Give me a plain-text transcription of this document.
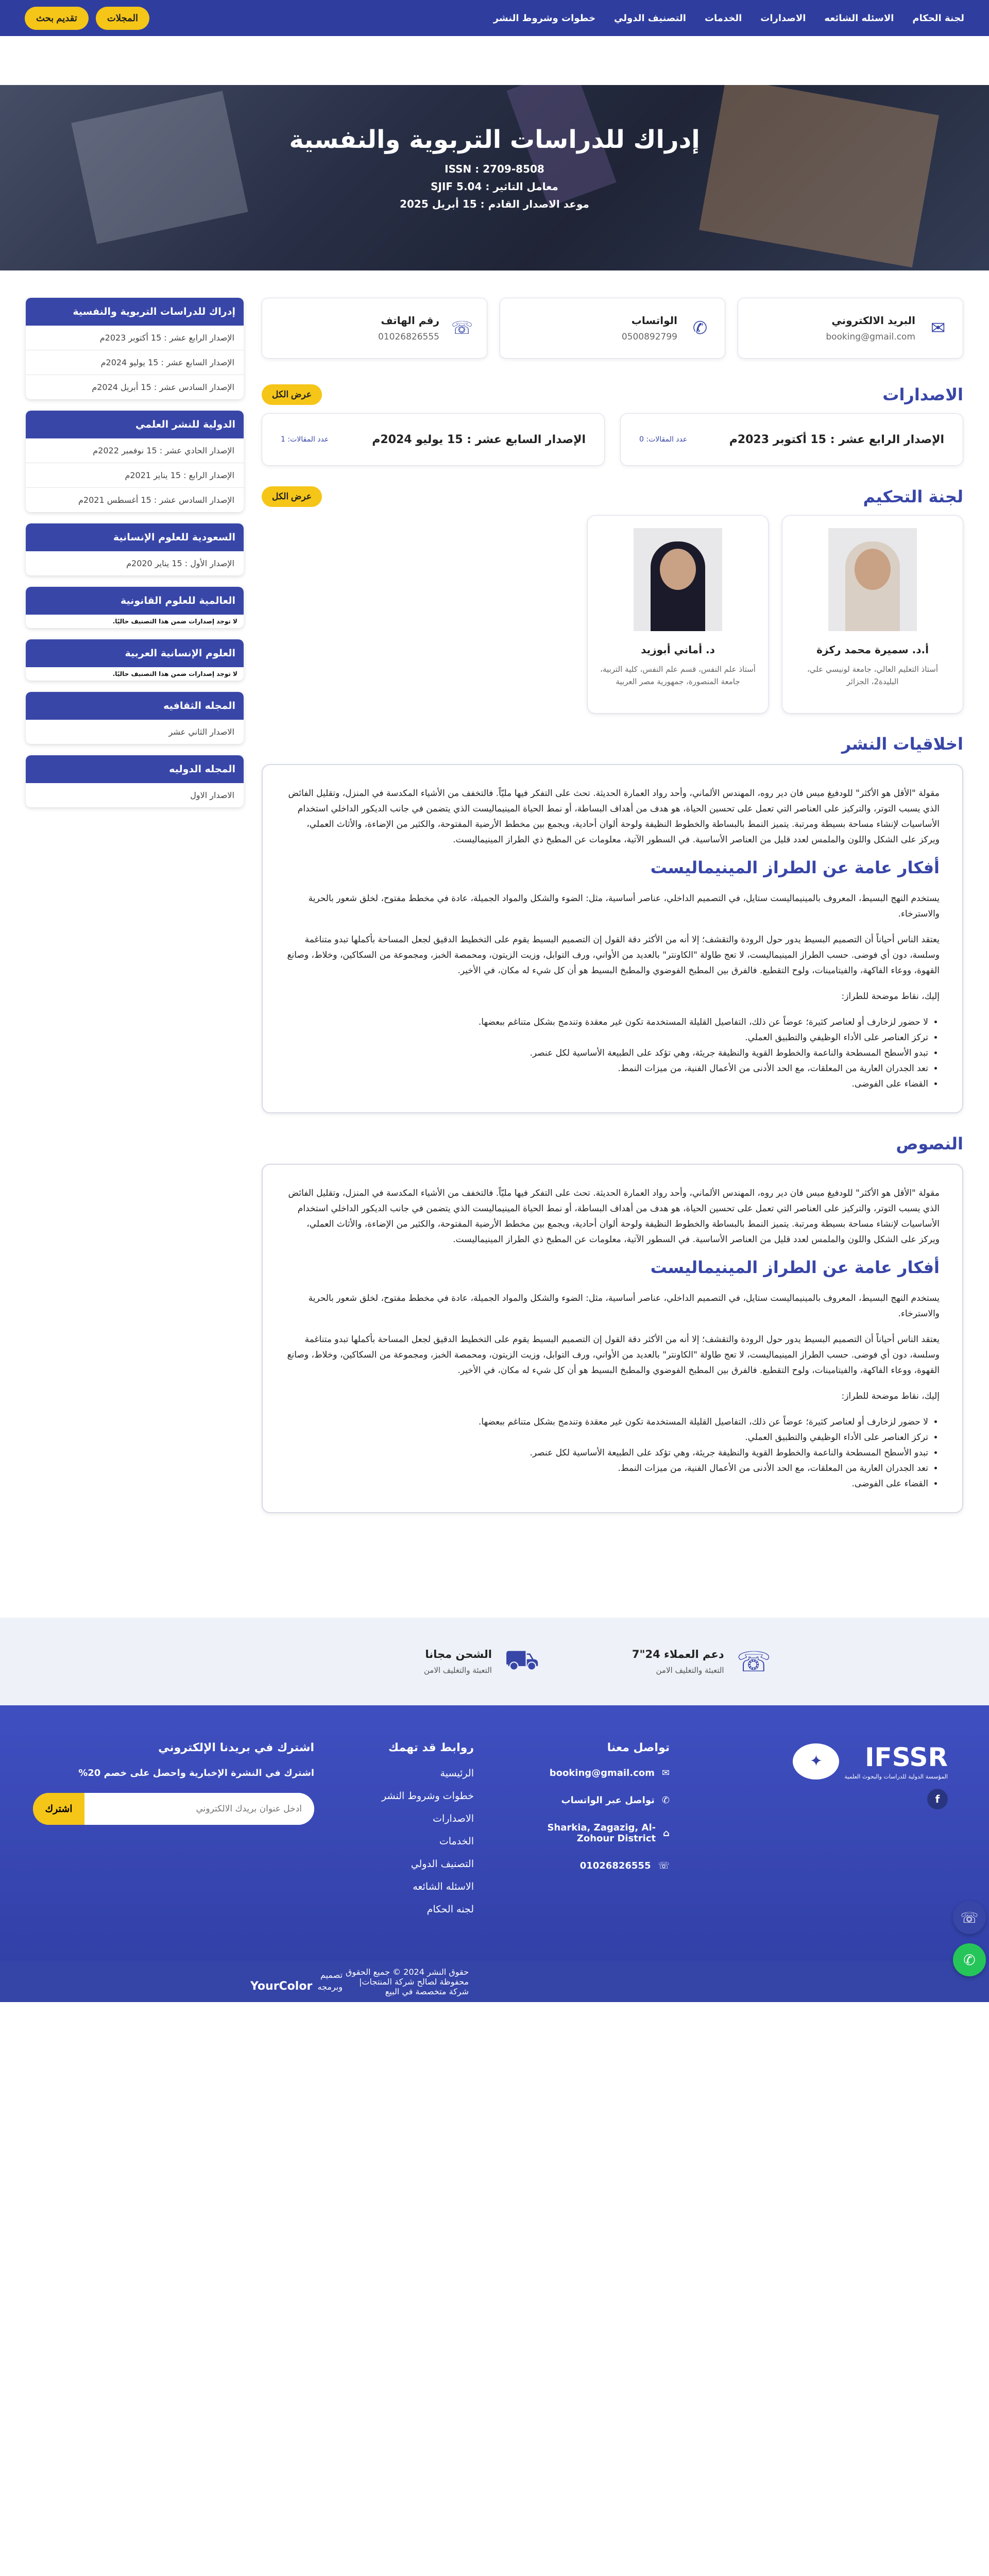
لجنة الحكام
الاسئله الشائعه
الاصدارات
الخدمات
التصنيف الدولي
خطوات وشروط النشر
المجلات
تقديم بحث
إدراك للدراسات التربوية والنفسية
2709-8508 : ISSN
معامل التاثير : SJIF 5.04
موعد الاصدار القادم : 15 أبريل 2025
إدراك للدراسات التربوية والنفسية
الإصدار الرابع عشر : 15 أكتوبر 2023م
الإصدار السابع عشر : 15 يوليو 2024م
الإصدار السادس عشر : 15 أبريل 2024م
الدولية للنشر العلمي
الإصدار الحادي عشر : 15 نوفمبر 2022م
الإصدار الرابع : 15 يناير 2021م
الإصدار السادس عشر : 15 أغسطس 2021م
السعودية للعلوم الإنسانية
الإصدار الأول : 15 يناير 2020م
العالمية للعلوم القانونية
لا توجد إصدارات ضمن هذا التصنيف حاليًا.
العلوم الإنسانية العربية
لا توجد إصدارات ضمن هذا التصنيف حاليًا.
المجله الثقافيه
الاصدار الثاني عشر
المجله الدوليه
الاصدار الاول
✉
البريد الالكتروني

booking@gmail.com

✆
الواتساب

0500892799

☏
رقم الهاتف

01026826555

الاصدارات
عرض الكل
الإصدار الرابع عشر : 15 أكتوبر 2023م
عدد المقالات: 0
الإصدار السابع عشر : 15 يوليو 2024م
عدد المقالات: 1
لجنة التحكيم
عرض الكل
أ.د. سميرة محمد ركزة

أستاذ التعليم العالي، جامعة لونيسي علي، البليدة2، الجزائر

د. أماني أبوزيد

أستاذ علم النفس، قسم علم النفس، كلية التربية، جامعة المنصورة، جمهورية مصر العربية

اخلاقيات النشر

مقولة "الأقل هو الأكثر" للودفيغ ميس فان دير روه، المهندس الألماني، وأحد رواد العمارة الحديثة. تحث على التفكر فيها مليّاً. فالتخفف من الأشياء المكدسة في المنزل، وتقليل الفائض الذي يسبب التوتر، والتركيز على العناصر التي تعمل على تحسين الحياة، هو هدف من أهداف البساطة، أو نمط الحياة المينيماليست الذي يتضمن في جانب الديكور الداخلي استخدام الأساسيات لإنشاء مساحة بسيطة ومرتبة. يتميز النمط بالبساطة والخطوط النظيفة ولوحة ألوان أحادية، ويجمع بين مخطط الأرضية المفتوحة، والكثير من الإضاءة، والأثاث العملي، ويركز على الشكل واللون والملمس لعدد قليل من العناصر الأساسية. في السطور الآتية، معلومات عن المطبخ ذي الطراز المينيماليست.

أفكار عامة عن الطراز المينيماليست

يستخدم النهج البسيط، المعروف بالمينيماليست ستايل، في التصميم الداخلي، عناصر أساسية، مثل: الضوء والشكل والمواد الجميلة، عادة في مخطط مفتوح، لخلق شعور بالحرية والاسترخاء.

يعتقد الناس أحياناً أن التصميم البسيط يدور حول الرودة والتقشف؛ إلا أنه من الأكثر دقة القول إن التصميم البسيط يقوم على التخطيط الدقيق لجعل المساحة بأكملها تبدو متناغمة وسلسة، دون أي فوضى. حسب الطراز المينيماليست، لا تعج طاولة "الكاونتر" بالعديد من الأواني، ورف التوابل، وزيت الزيتون، ومحمصة الخبز، ومجموعة من السكاكين، وخلاط، وصانع القهوة، ووعاء الفاكهة، والفيتامينات، ولوح التقطيع. فالفرق بين المطبخ الفوضوي والمطبخ البسيط هو أن كل شيء له مكان، في الأخير.

إليك، نقاط موضحة للطراز:

• لا حضور لزخارف أو لعناصر كثيرة؛ عوضاً عن ذلك، التفاصيل القليلة المستخدمة تكون غير معقدة وتندمج بشكل متناغم ببعضها.
• تركز العناصر على الأداء الوظيفي والتطبيق العملي.
• تبدو الأسطح المسطحة والناعمة والخطوط القوية والنظيفة جريئة، وهي تؤكد على الطبيعة الأساسية لكل عنصر.
• تعد الجدران العارية من المعلقات، مع الحد الأدنى من الأعمال الفنية، من ميزات النمط.
• القضاء على الفوضى.
النصوص

مقولة "الأقل هو الأكثر" للودفيغ ميس فان دير روه، المهندس الألماني، وأحد رواد العمارة الحديثة. تحث على التفكر فيها مليّاً. فالتخفف من الأشياء المكدسة في المنزل، وتقليل الفائض الذي يسبب التوتر، والتركيز على العناصر التي تعمل على تحسين الحياة، هو هدف من أهداف البساطة، أو نمط الحياة المينيماليست الذي يتضمن في جانب الديكور الداخلي استخدام الأساسيات لإنشاء مساحة بسيطة ومرتبة. يتميز النمط بالبساطة والخطوط النظيفة ولوحة ألوان أحادية، ويجمع بين مخطط الأرضية المفتوحة، والكثير من الإضاءة، والأثاث العملي، ويركز على الشكل واللون والملمس لعدد قليل من العناصر الأساسية. في السطور الآتية، معلومات عن المطبخ ذي الطراز المينيماليست.

أفكار عامة عن الطراز المينيماليست

يستخدم النهج البسيط، المعروف بالمينيماليست ستايل، في التصميم الداخلي، عناصر أساسية، مثل: الضوء والشكل والمواد الجميلة، عادة في مخطط مفتوح، لخلق شعور بالحرية والاسترخاء.

يعتقد الناس أحياناً أن التصميم البسيط يدور حول الرودة والتقشف؛ إلا أنه من الأكثر دقة القول إن التصميم البسيط يقوم على التخطيط الدقيق لجعل المساحة بأكملها تبدو متناغمة وسلسة، دون أي فوضى. حسب الطراز المينيماليست، لا تعج طاولة "الكاونتر" بالعديد من الأواني، ورف التوابل، وزيت الزيتون، ومحمصة الخبز، ومجموعة من السكاكين، وخلاط، وصانع القهوة، ووعاء الفاكهة، والفيتامينات، ولوح التقطيع. فالفرق بين المطبخ الفوضوي والمطبخ البسيط هو أن كل شيء له مكان، في الأخير.

إليك، نقاط موضحة للطراز:

• لا حضور لزخارف أو لعناصر كثيرة؛ عوضاً عن ذلك، التفاصيل القليلة المستخدمة تكون غير معقدة وتندمج بشكل متناغم ببعضها.
• تركز العناصر على الأداء الوظيفي والتطبيق العملي.
• تبدو الأسطح المسطحة والناعمة والخطوط القوية والنظيفة جريئة، وهي تؤكد على الطبيعة الأساسية لكل عنصر.
• تعد الجدران العارية من المعلقات، مع الحد الأدنى من الأعمال الفنية، من ميزات النمط.
• القضاء على الفوضى.
☏
دعم العملاء 24"7

التعبئة والتغليف الامن

⛟
الشحن مجانا

التعبئة والتغليف الامن

IFSSR
المؤسسة الدولية للدراسات والبحوث العلمية
✦
f
تواصل معنا
✉
booking@gmail.com
✆
تواصل عبر الواتساب
Sharkia, Zagazig, Al-Zohour District ⌂
☏
01026826555
روابط قد تهمك
الرئيسية
خطوات وشروط النشر
الاصدارات
الخدمات
التصنيف الدولي
الاسئله الشائعه
لجنه الحكام
اشترك في بريدنا الإلكتروني
اشترك في النشرة الإخبارية واحصل على خصم 20%
ادخل عنوان بريدك الالكتروني
اشترك
حقوق النشر 2024 © جميع الحقوق محفوظة لصالح شركة المنتجات| شركة متخصصة في البيع
تصميم وبرمجه  YourColor
☏
✆
